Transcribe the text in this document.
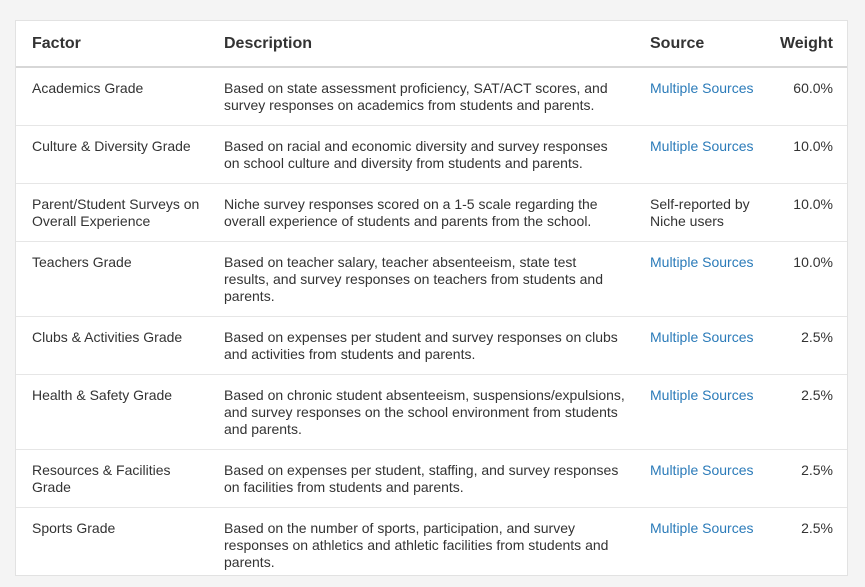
Factor	Description	Source	Weight
Academics Grade	Based on state assessment proficiency, SAT/ACT scores, and survey responses on academics from students and parents.	Multiple Sources	60.0%
Culture & Diversity Grade	Based on racial and economic diversity and survey responses on school culture and diversity from students and parents.	Multiple Sources	10.0%
Parent/Student Surveys on Overall Experience	Niche survey responses scored on a 1-5 scale regarding the overall experience of students and parents from the school.	Self-reported by Niche users	10.0%
Teachers Grade	Based on teacher salary, teacher absenteeism, state test results, and survey responses on teachers from students and parents.	Multiple Sources	10.0%
Clubs & Activities Grade	Based on expenses per student and survey responses on clubs and activities from students and parents.	Multiple Sources	2.5%
Health & Safety Grade	Based on chronic student absenteeism, suspensions/expulsions, and survey responses on the school environment from students and parents.	Multiple Sources	2.5%
Resources & Facilities Grade	Based on expenses per student, staffing, and survey responses on facilities from students and parents.	Multiple Sources	2.5%
Sports Grade	Based on the number of sports, participation, and survey responses on athletics and athletic facilities from students and parents.	Multiple Sources	2.5%
